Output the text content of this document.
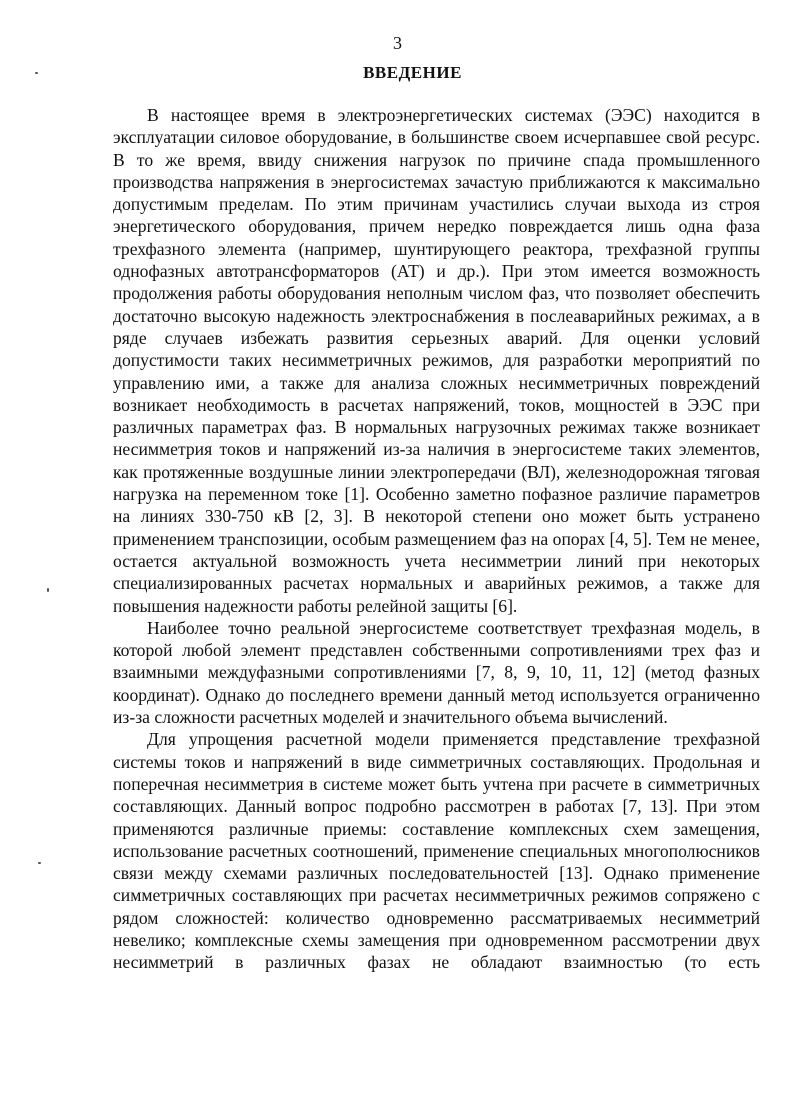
3
ВВЕДЕНИЕ

В настоящее время в электроэнергетических системах (ЭЭС) находится в эксплуатации силовое оборудование, в большинстве своем исчерпавшее свой ресурс. В то же время, ввиду снижения нагрузок по причине спада промышленного производства напряжения в энергосистемах зачастую приближаются к максимально допустимым пределам. По этим причинам участились случаи выхода из строя энергетического оборудования, причем нередко повреждается лишь одна фаза трехфазного элемента (например, шунтирующего реактора, трехфазной группы однофазных автотрансформаторов (АТ) и др.). При этом имеется возможность продолжения работы оборудования неполным числом фаз, что позволяет обеспечить достаточно высокую надежность электроснабжения в послеаварийных режимах, а в ряде случаев избежать развития серьезных аварий. Для оценки условий допустимости таких несимметричных режимов, для разработки мероприятий по управлению ими, а также для анализа сложных несимметричных повреждений возникает необходимость в расчетах напряжений, токов, мощностей в ЭЭС при различных параметрах фаз. В нормальных нагрузочных режимах также возникает несимметрия токов и напряжений из-за наличия в энергосистеме таких элементов, как протяженные воздушные линии электропередачи (ВЛ), железнодорожная тяговая нагрузка на переменном токе [1]. Особенно заметно пофазное различие параметров на линиях 330-750 кВ [2, 3]. В некоторой степени оно может быть устранено применением транспозиции, особым размещением фаз на опорах [4, 5]. Тем не менее, остается актуальной возможность учета несимметрии линий при некоторых специализированных расчетах нормальных и аварийных режимов, а также для повышения надежности работы релейной защиты [6].

Наиболее точно реальной энергосистеме соответствует трехфазная модель, в которой любой элемент представлен собственными сопротивлениями трех фаз и взаимными междуфазными сопротивлениями [7, 8, 9, 10, 11, 12] (метод фазных координат). Однако до последнего времени данный метод используется ограниченно из-за сложности расчетных моделей и значительного объема вычислений.

Для упрощения расчетной модели применяется представление трехфазной системы токов и напряжений в виде симметричных составляющих. Продольная и поперечная несимметрия в системе может быть учтена при расчете в симметричных составляющих. Данный вопрос подробно рассмотрен в работах [7, 13]. При этом применяются различные приемы: составление комплексных схем замещения, использование расчетных соотношений, применение специальных многополюсников связи между схемами различных последовательностей [13]. Однако применение симметричных составляющих при расчетах несимметричных режимов сопряжено с рядом сложностей: количество одновременно рассматриваемых несимметрий невелико; комплексные схемы замещения при одновременном рассмотрении двух несимметрий в различных фазах не обладают взаимностью (то есть
